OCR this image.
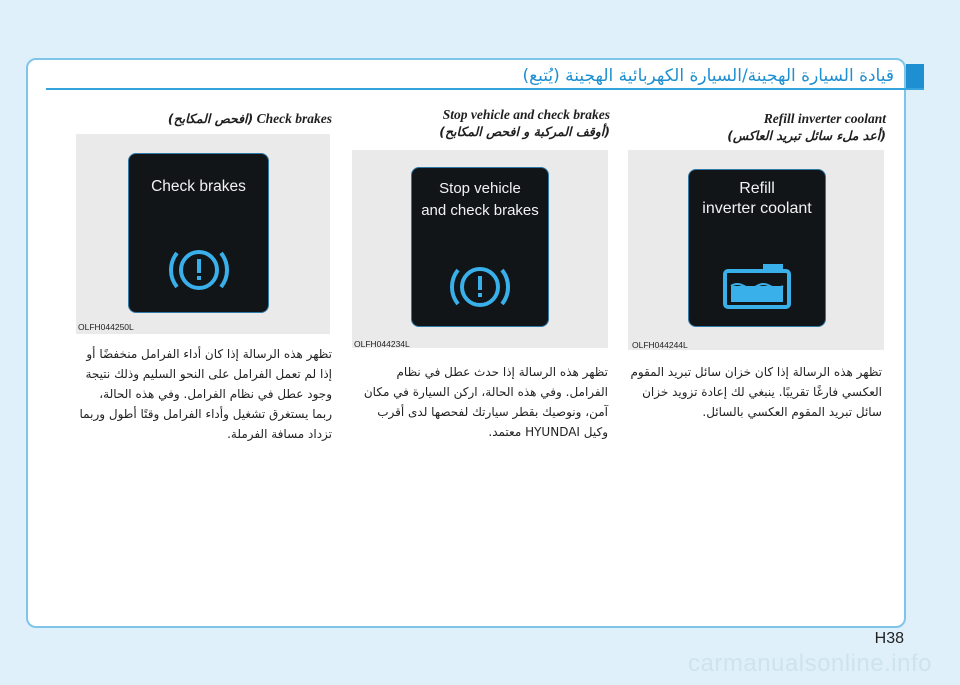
قيادة السيارة الهجينة/السيارة الكهربائية الهجينة (يُتبع)
Refill inverter coolant
(أعد ملء سائل تبريد العاكس)
Refill
inverter coolant
OLFH044244L
تظهر هذه الرسالة إذا كان خزان سائل تبريد المقوم العكسي فارغًا تقريبًا. ينبغي لك إعادة تزويد خزان سائل تبريد المقوم العكسي بالسائل.
Stop vehicle and check brakes
(أوقف المركبة و افحص المكابح)
Stop vehicle
and check brakes
OLFH044234L
تظهر هذه الرسالة إذا حدث عطل في نظام الفرامل. وفي هذه الحالة، اركن السيارة في مكان آمن، ونوصيك بقطر سيارتك لفحصها لدى أقرب وكيل HYUNDAI معتمد.
(افحص المكابح) Check brakes
Check brakes
OLFH044250L
تظهر هذه الرسالة إذا كان أداء الفرامل منخفضًا أو إذا لم تعمل الفرامل على النحو السليم وذلك نتيجة وجود عطل في نظام الفرامل. وفي هذه الحالة، ربما يستغرق تشغيل وأداء الفرامل وقتًا أطول وربما تزداد مسافة الفرملة.
H38
carmanualsonline.info
